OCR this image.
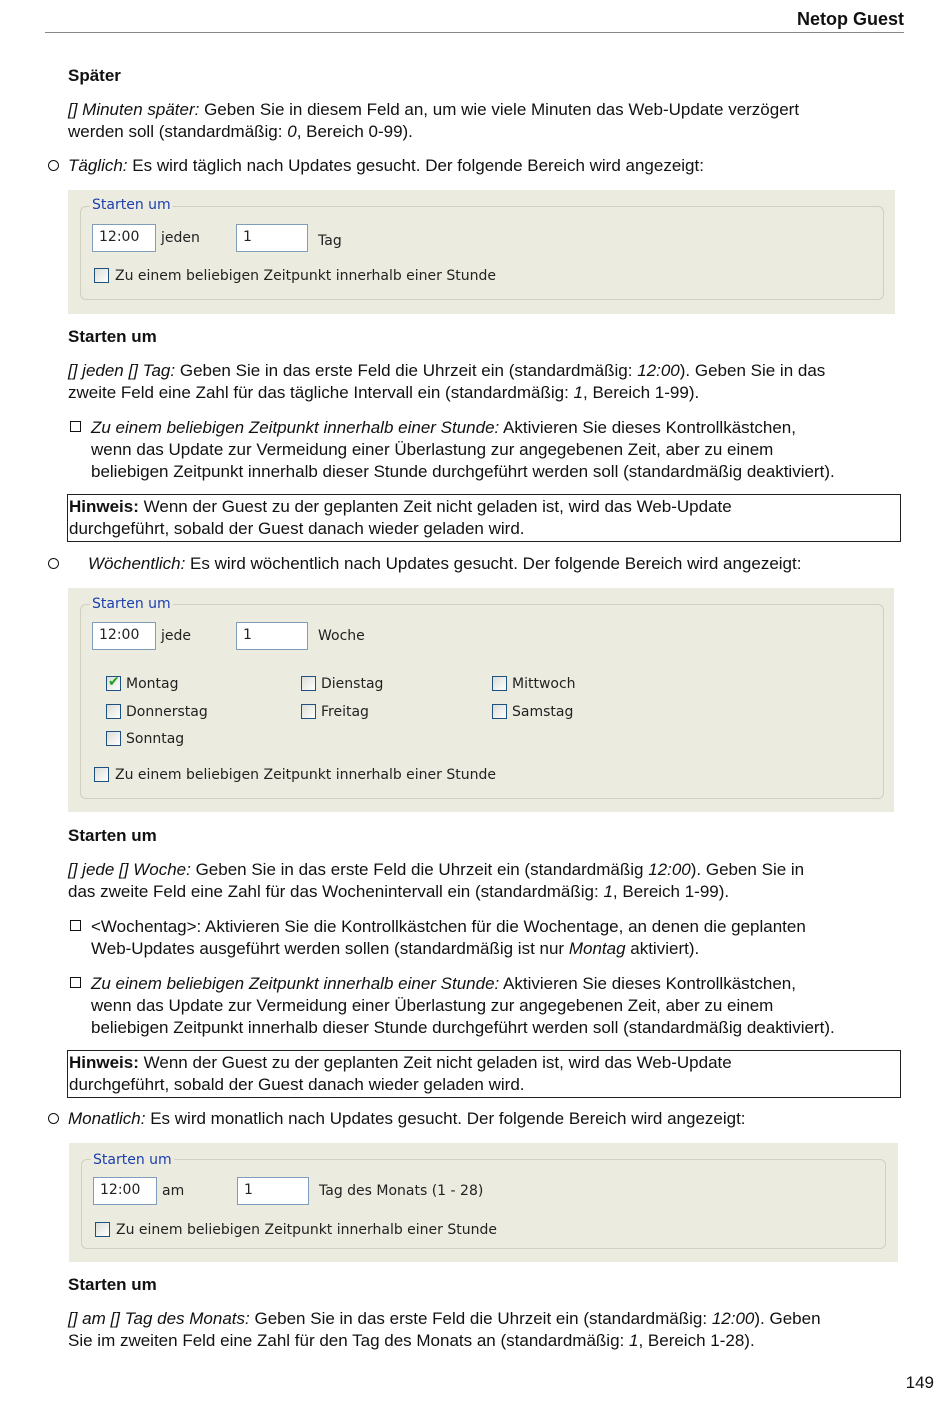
Netop Guest
Später
[] Minuten später: Geben Sie in diesem Feld an, um wie viele Minuten das Web-Update verzögert
werden soll (standardmäßig: 0, Bereich 0-99).
Täglich: Es wird täglich nach Updates gesucht. Der folgende Bereich wird angezeigt:
Starten um
12:00	jeden	1	Tag
Zu einem beliebigen Zeitpunkt innerhalb einer Stunde
Starten um
[] jeden [] Tag: Geben Sie in das erste Feld die Uhrzeit ein (standardmäßig: 12:00). Geben Sie in das
zweite Feld eine Zahl für das tägliche Intervall ein (standardmäßig: 1, Bereich 1-99).
Zu einem beliebigen Zeitpunkt innerhalb einer Stunde: Aktivieren Sie dieses Kontrollkästchen,
wenn das Update zur Vermeidung einer Überlastung zur angegebenen Zeit, aber zu einem
beliebigen Zeitpunkt innerhalb dieser Stunde durchgeführt werden soll (standardmäßig deaktiviert).
Hinweis: Wenn der Guest zu der geplanten Zeit nicht geladen ist, wird das Web-Update
durchgeführt, sobald der Guest danach wieder geladen wird.
Wöchentlich: Es wird wöchentlich nach Updates gesucht. Der folgende Bereich wird angezeigt:
Starten um
12:00	jede	1	Woche
✔
Montag	Dienstag	Mittwoch
Donnerstag	Freitag	Samstag
Sonntag
Zu einem beliebigen Zeitpunkt innerhalb einer Stunde
Starten um
[] jede [] Woche: Geben Sie in das erste Feld die Uhrzeit ein (standardmäßig 12:00). Geben Sie in
das zweite Feld eine Zahl für das Wochenintervall ein (standardmäßig: 1, Bereich 1-99).
<Wochentag>: Aktivieren Sie die Kontrollkästchen für die Wochentage, an denen die geplanten
Web-Updates ausgeführt werden sollen (standardmäßig ist nur Montag aktiviert).
Zu einem beliebigen Zeitpunkt innerhalb einer Stunde: Aktivieren Sie dieses Kontrollkästchen,
wenn das Update zur Vermeidung einer Überlastung zur angegebenen Zeit, aber zu einem
beliebigen Zeitpunkt innerhalb dieser Stunde durchgeführt werden soll (standardmäßig deaktiviert).
Hinweis: Wenn der Guest zu der geplanten Zeit nicht geladen ist, wird das Web-Update
durchgeführt, sobald der Guest danach wieder geladen wird.
Monatlich: Es wird monatlich nach Updates gesucht. Der folgende Bereich wird angezeigt:
Starten um
12:00	am	1	Tag des Monats (1 - 28)
Zu einem beliebigen Zeitpunkt innerhalb einer Stunde
Starten um
[] am [] Tag des Monats: Geben Sie in das erste Feld die Uhrzeit ein (standardmäßig: 12:00). Geben
Sie im zweiten Feld eine Zahl für den Tag des Monats an (standardmäßig: 1, Bereich 1-28).
149
